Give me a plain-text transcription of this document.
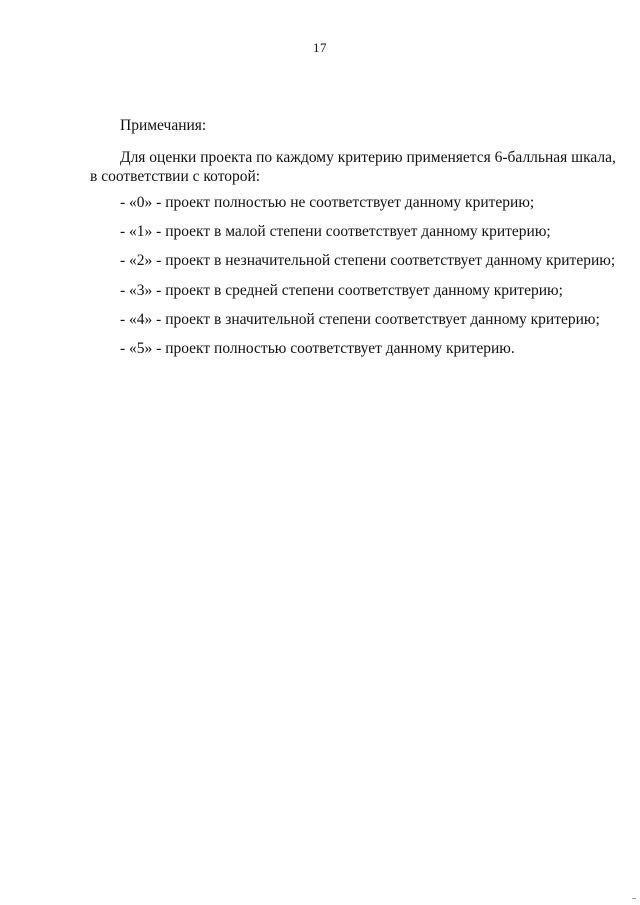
17
Примечания:
Для оценки проекта по каждому критерию применяется 6-балльная шкала,
в соответствии с которой:
- «0» - проект полностью не соответствует данному критерию;
- «1» - проект в малой степени соответствует данному критерию;
- «2» - проект в незначительной степени соответствует данному критерию;
- «3» - проект в средней степени соответствует данному критерию;
- «4» - проект в значительной степени соответствует данному критерию;
- «5» - проект полностью соответствует данному критерию.
